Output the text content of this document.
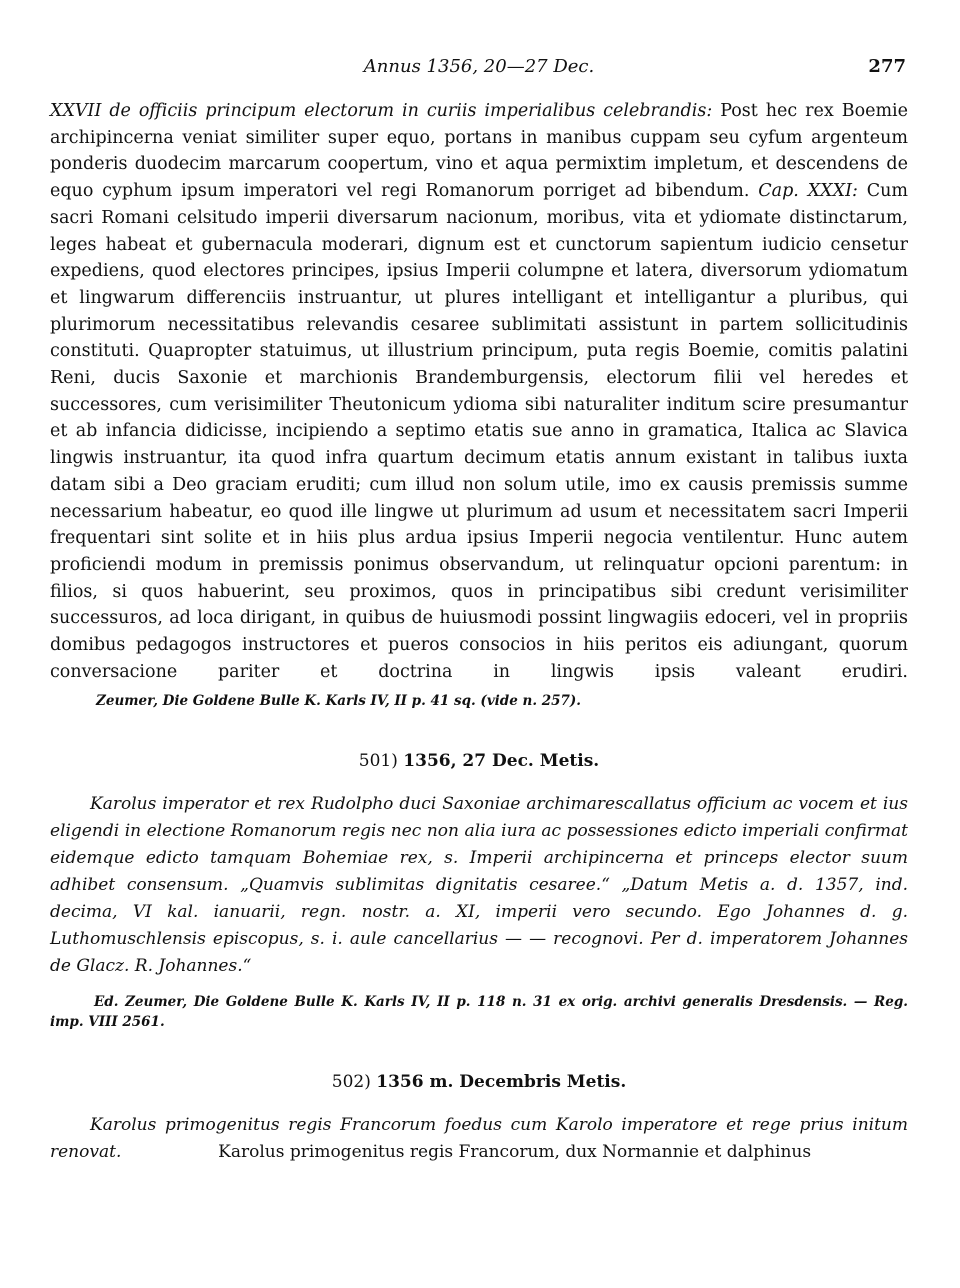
Annus 1356, 20—27 Dec.	277
XXVII de officiis principum electorum in curiis imperialibus celebrandis: Post hec rex Boemie archipincerna veniat similiter super equo, portans in manibus cuppam seu cyfum argenteum ponderis duodecim marcarum coopertum, vino et aqua permixtim impletum, et descendens de equo cyphum ipsum imperatori vel regi Romanorum porriget ad bibendum. Cap. XXXI: Cum sacri Romani celsitudo imperii diversarum nacionum, moribus, vita et ydiomate distinctarum, leges habeat et gubernacula moderari, dignum est et cunctorum sapientum iudicio censetur expediens, quod electores principes, ipsius Imperii columpne et latera, diversorum ydiomatum et lingwarum differenciis instruantur, ut plures intelligant et intelligantur a pluribus, qui plurimorum necessitatibus relevandis cesaree sublimitati assistunt in partem sollicitudinis constituti. Quapropter statuimus, ut illustrium principum, puta regis Boemie, comitis palatini Reni, ducis Saxonie et marchionis Brandemburgensis, electorum filii vel heredes et successores, cum verisimiliter Theutonicum ydioma sibi naturaliter inditum scire presumantur et ab infancia didicisse, incipiendo a septimo etatis sue anno in gramatica, Italica ac Slavica lingwis instruantur, ita quod infra quartum decimum etatis annum existant in talibus iuxta datam sibi a Deo graciam eruditi; cum illud non solum utile, imo ex causis premissis summe necessarium habeatur, eo quod ille lingwe ut plurimum ad usum et necessitatem sacri Imperii frequentari sint solite et in hiis plus ardua ipsius Imperii negocia ventilentur. Hunc autem proficiendi modum in premissis ponimus observandum, ut relinquatur opcioni parentum: in filios, si quos habuerint, seu proximos, quos in principatibus sibi credunt verisimiliter successuros, ad loca dirigant, in quibus de huiusmodi possint lingwagiis edoceri, vel in propriis domibus pedagogos instructores et pueros consocios in hiis peritos eis adiungant, quorum conversacione pariter et doctrina in lingwis ipsis valeant erudiri.
Zeumer, Die Goldene Bulle K. Karls IV, II p. 41 sq. (vide n. 257).
501) 1356, 27 Dec. Metis.
Karolus imperator et rex Rudolpho duci Saxoniae archimarescallatus officium ac vocem et ius eligendi in electione Romanorum regis nec non alia iura ac possessiones edicto imperiali confirmat eidemque edicto tamquam Bohemiae rex, s. Imperii archipincerna et princeps elector suum adhibet consensum. „Quamvis sublimitas dignitatis cesaree.“ „Datum Metis a. d. 1357, ind. decima, VI kal. ianuarii, regn. nostr. a. XI, imperii vero secundo. Ego Johannes d. g. Luthomuschlensis episcopus, s. i. aule cancellarius — — recognovi. Per d. imperatorem Johannes de Glacz. R. Johannes.“
Ed. Zeumer, Die Goldene Bulle K. Karls IV, II p. 118 n. 31 ex orig. archivi generalis Dresdensis. — Reg. imp. VIII 2561.
502) 1356 m. Decembris Metis.
Karolus primogenitus regis Francorum foedus cum Karolo imperatore et rege prius initum renovat.	Karolus primogenitus regis Francorum, dux Normannie et dalphinus
